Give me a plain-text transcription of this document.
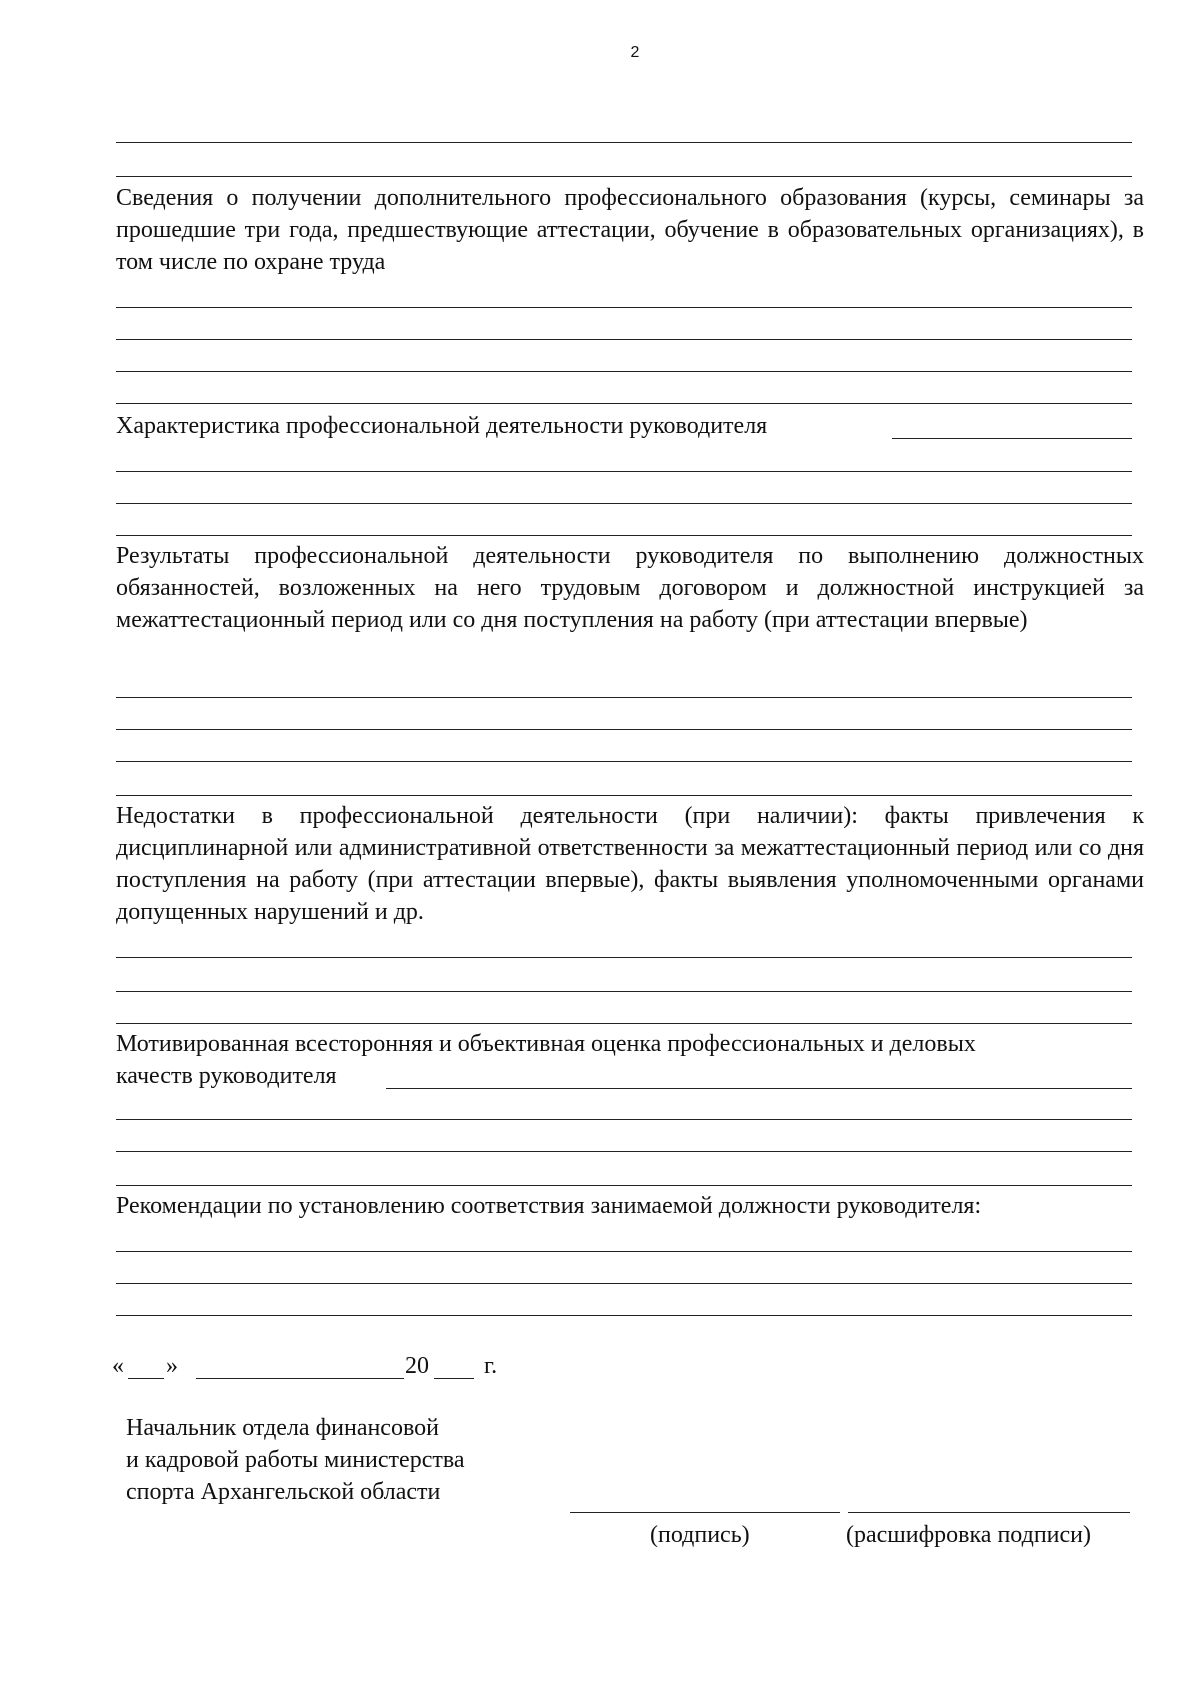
2

Сведения о получении дополнительного профессионального образования (курсы, семинары за прошедшие три года, предшествующие аттестации, обучение в образовательных организациях), в том числе по охране труда

Характеристика профессиональной деятельности руководителя

Результаты профессиональной деятельности руководителя по выполнению должностных обязанностей, возложенных на него трудовым договором и должностной инструкцией за межаттестационный период или со дня поступления на работу (при аттестации впервые)

Недостатки в профессиональной деятельности (при наличии): факты привлечения к дисциплинарной или административной ответственности за межаттестационный период или со дня поступления на работу (при аттестации впервые), факты выявления уполномоченными органами допущенных нарушений и др.

Мотивированная всесторонняя и объективная оценка профессиональных и деловых
качеств руководителя
Рекомендации по установлению соответствия занимаемой должности руководителя:
« »	20 г.
Начальник отдела финансовой
и кадровой работы министерства
спорта Архангельской области
(подпись)	(расшифровка подписи)
